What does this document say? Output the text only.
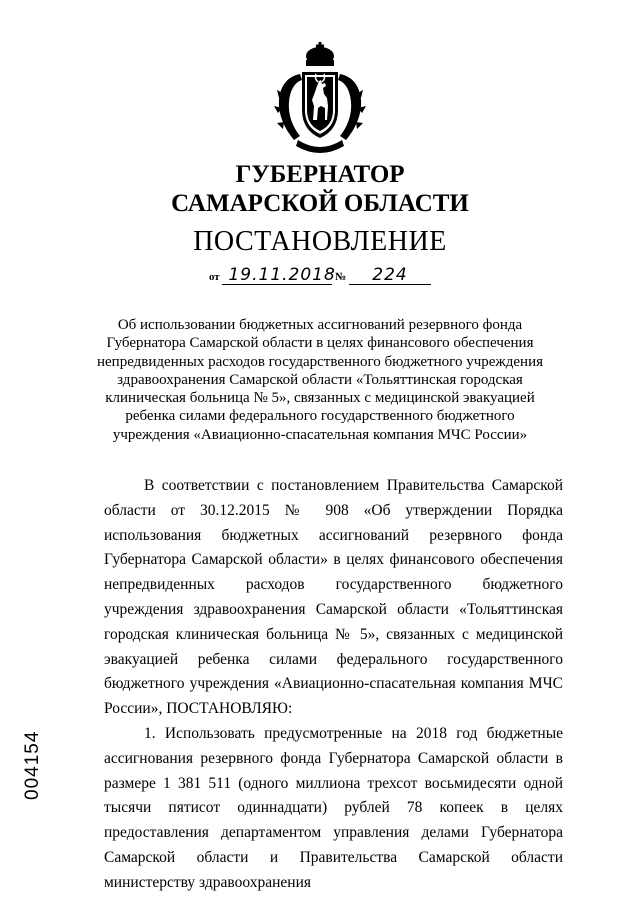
ГУБЕРНАТОР
САМАРСКОЙ ОБЛАСТИ
ПОСТАНОВЛЕНИЕ
от 19.11.2018 № 224
Об использовании бюджетных ассигнований резервного фонда Губернатора Самарской области в целях финансового обеспечения непредвиденных расходов государственного бюджетного учреждения здравоохранения Самарской области «Тольяттинская городская клиническая больница № 5», связанных с медицинской эвакуацией ребенка силами федерального государственного бюджетного учреждения «Авиационно-спасательная компания МЧС России»

В соответствии с постановлением Правительства Самарской области от 30.12.2015 № 908 «Об утверждении Порядка использования бюджетных ассигнований резервного фонда Губернатора Самарской области» в целях финансового обеспечения непредвиденных расходов государственного бюджетного учреждения здравоохранения Самарской области «Тольяттинская городская клиническая больница № 5», связанных с медицинской эвакуацией ребенка силами федерального государственного бюджетного учреждения «Авиационно-спасательная компания МЧС России», ПОСТАНОВЛЯЮ:

1. Использовать предусмотренные на 2018 год бюджетные ассигнования резервного фонда Губернатора Самарской области в размере 1 381 511 (одного миллиона трехсот восьмидесяти одной тысячи пятисот одиннадцати) рублей 78 копеек в целях предоставления департаментом управления делами Губернатора Самарской области и Правительства Самарской области министерству здравоохранения

004154
